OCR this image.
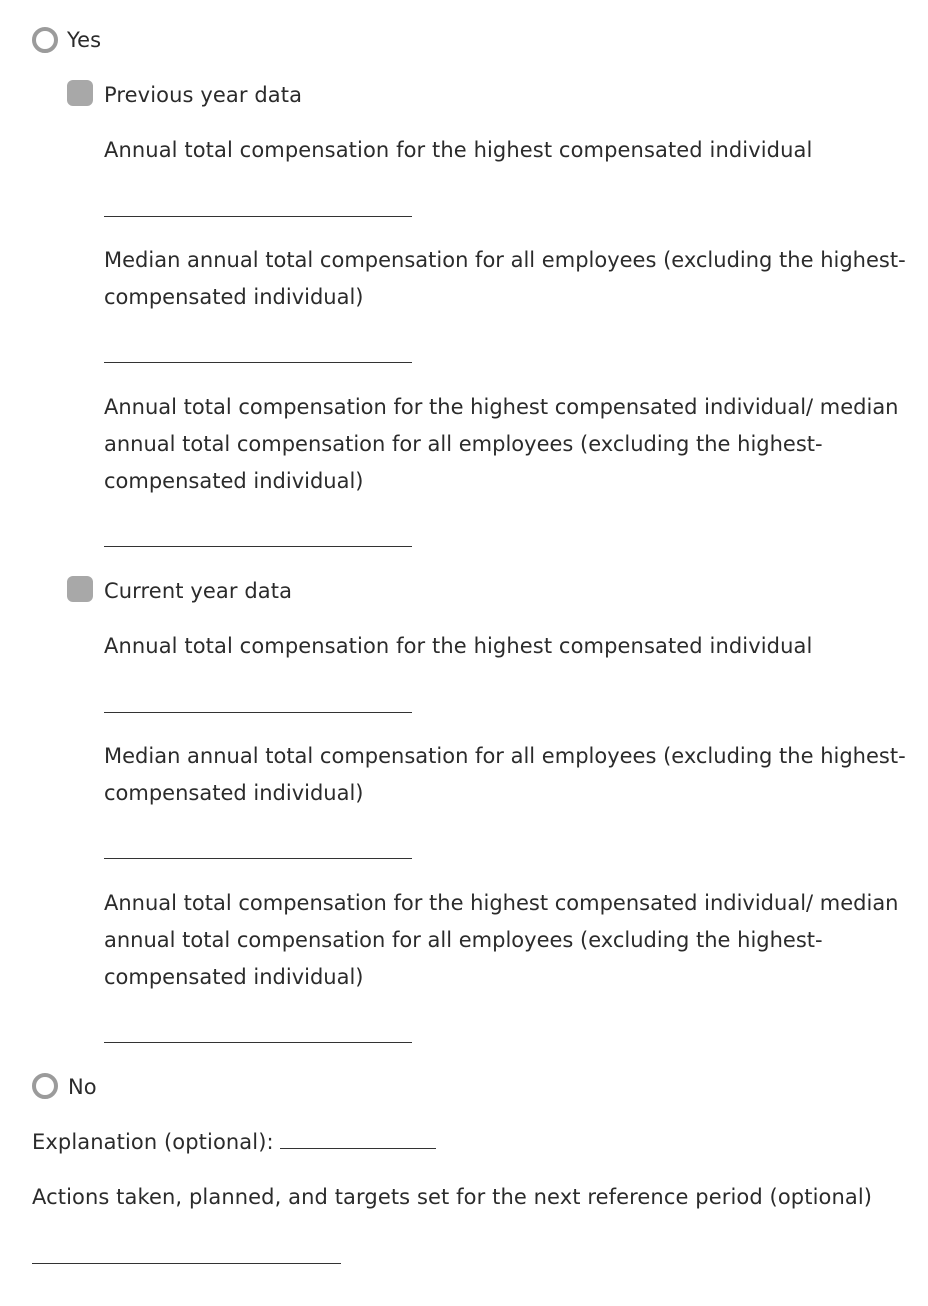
Yes
Previous year data
Annual total compensation for the highest compensated individual
Median annual total compensation for all employees (excluding the highest-compensated individual)
Annual total compensation for the highest compensated individual/ median annual total compensation for all employees (excluding the highest-compensated individual)
Current year data
Annual total compensation for the highest compensated individual
Median annual total compensation for all employees (excluding the highest-compensated individual)
Annual total compensation for the highest compensated individual/ median annual total compensation for all employees (excluding the highest-compensated individual)
No
Explanation (optional):
Actions taken, planned, and targets set for the next reference period (optional)
